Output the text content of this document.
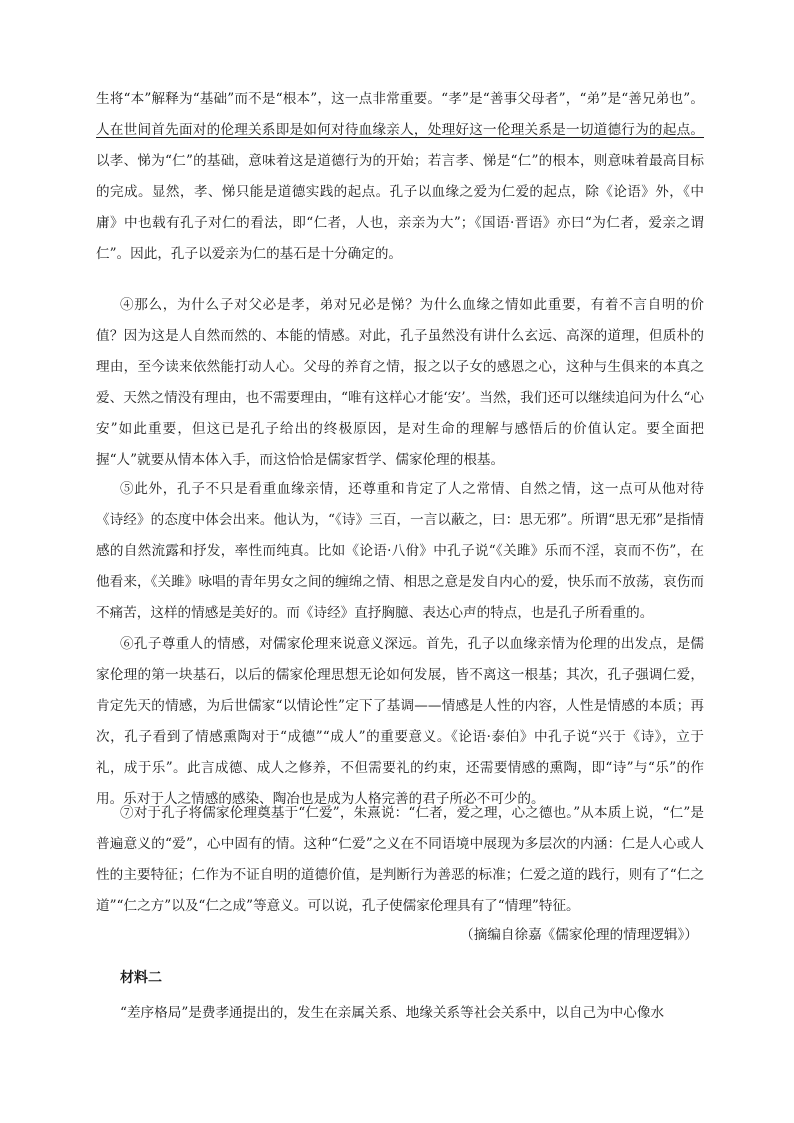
生将“本”解释为“基础”而不是“根本”，这一点非常重要。“孝”是“善事父母者”，“弟”是“善兄弟也”。人在世间首先面对的伦理关系即是如何对待血缘亲人，处理好这一伦理关系是一切道德行为的起点。以孝、悌为“仁”的基础，意味着这是道德行为的开始；若言孝、悌是“仁”的根本，则意味着最高目标的完成。显然，孝、悌只能是道德实践的起点。孔子以血缘之爱为仁爱的起点，除《论语》外，《中庸》中也载有孔子对仁的看法，即“仁者，人也，亲亲为大”；《国语·晋语》亦曰“为仁者，爱亲之谓仁”。因此，孔子以爱亲为仁的基石是十分确定的。

④那么，为什么子对父必是孝，弟对兄必是悌？为什么血缘之情如此重要，有着不言自明的价值？因为这是人自然而然的、本能的情感。对此，孔子虽然没有讲什么玄远、高深的道理，但质朴的理由，至今读来依然能打动人心。父母的养育之情，报之以子女的感恩之心，这种与生俱来的本真之爱、天然之情没有理由，也不需要理由，“唯有这样心才能‘安’。当然，我们还可以继续追问为什么“心安”如此重要，但这已是孔子给出的终极原因，是对生命的理解与感悟后的价值认定。要全面把握“人”就要从情本体入手，而这恰恰是儒家哲学、儒家伦理的根基。

⑤此外，孔子不只是看重血缘亲情，还尊重和肯定了人之常情、自然之情，这一点可从他对待《诗经》的态度中体会出来。他认为，“《诗》三百，一言以蔽之，曰：思无邪”。所谓“思无邪”是指情感的自然流露和抒发，率性而纯真。比如《论语·八佾》中孔子说“《关雎》乐而不淫，哀而不伤”，在他看来，《关雎》咏唱的青年男女之间的缠绵之情、相思之意是发自内心的爱，快乐而不放荡，哀伤而不痛苦，这样的情感是美好的。而《诗经》直抒胸臆、表达心声的特点，也是孔子所看重的。

⑥孔子尊重人的情感，对儒家伦理来说意义深远。首先，孔子以血缘亲情为伦理的出发点，是儒家伦理的第一块基石，以后的儒家伦理思想无论如何发展，皆不离这一根基；其次，孔子强调仁爱，肯定先天的情感，为后世儒家“以情论性”定下了基调——情感是人性的内容，人性是情感的本质；再次，孔子看到了情感熏陶对于“成德”“成人”的重要意义。《论语·泰伯》中孔子说“兴于《诗》，立于礼，成于乐”。此言成德、成人之修养，不但需要礼的约束，还需要情感的熏陶，即“诗”与“乐”的作用。乐对于人之情感的感染、陶冶也是成为人格完善的君子所必不可少的。

⑦对于孔子将儒家伦理奠基于“仁爱”，朱熹说：“仁者，爱之理，心之德也。”从本质上说，“仁”是普遍意义的“爱”，心中固有的情。这种“仁爱”之义在不同语境中展现为多层次的内涵：仁是人心或人性的主要特征；仁作为不证自明的道德价值，是判断行为善恶的标准；仁爱之道的践行，则有了“仁之道”“仁之方”以及“仁之成”等意义。可以说，孔子使儒家伦理具有了“情理”特征。

（摘编自徐嘉《儒家伦理的情理逻辑》）
材料二

“差序格局”是费孝通提出的，发生在亲属关系、地缘关系等社会关系中，以自己为中心像水
